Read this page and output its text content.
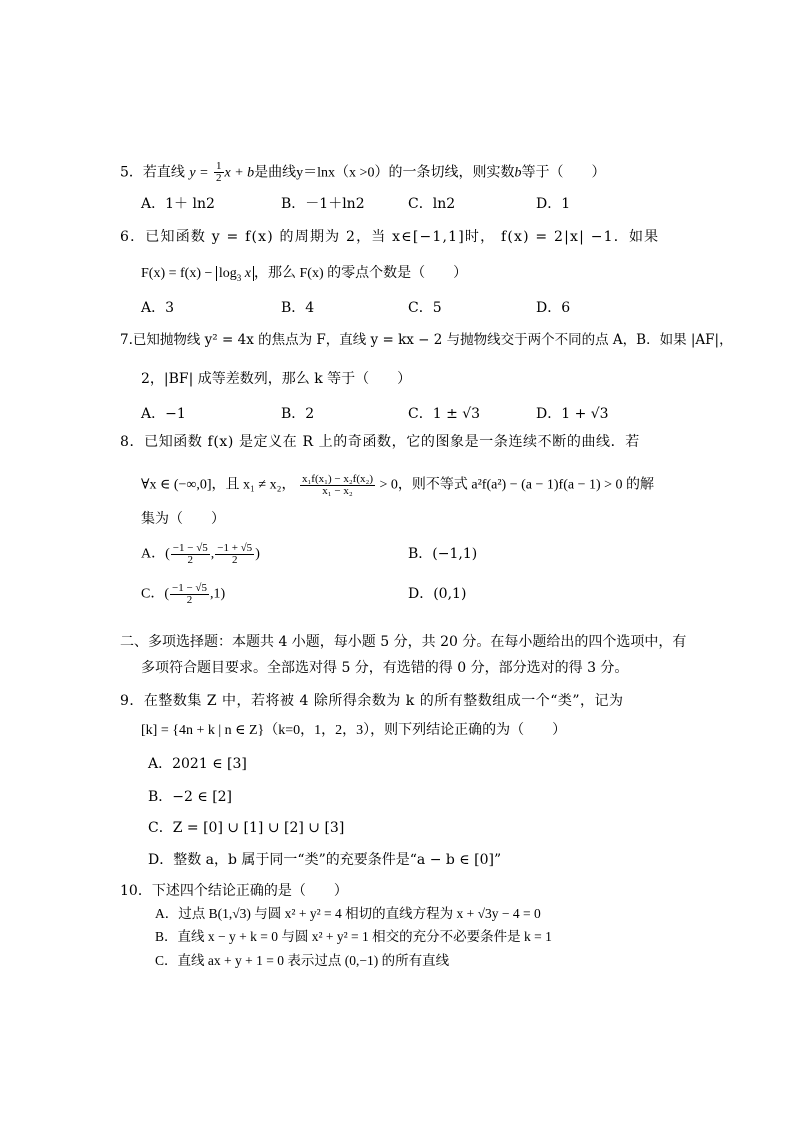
5．若直线 $y = \frac{1}{2}$ x + b是曲线y＝lnx（x >0）的一条切线，则实数b等于（　　）
A．1＋ ln2	B．－1＋ln2	C．ln2	D．1
6．已知函数 y = f(x) 的周期为 2，当 x∈[−1,1]时， f(x) = 2|x| −1．如果
$F(x) = f(x) - \log_3 x$ ，那么 F(x) 的零点个数是（　　）
A．3	B．4	C．5	D．6
7.已知抛物线 y² = 4x 的焦点为 F，直线 y = kx − 2 与抛物线交于两个不同的点 A，B．如果 |AF|，
2，|BF| 成等差数列，那么 k 等于（　　）
A．−1	B．2	C．1 ± √3	D．1 + √3
8．已知函数 f(x) 是定义在 R 上的奇函数，它的图象是一条连续不断的曲线．若
∀x ∈ (−∞,0]，且 x₁ ≠ x₂， $\frac{\text{x₁f(x₁) − x₂f(x₂)}}{\text{x₁ − x₂}} > 0$，则不等式 a²f(a²) − (a − 1)f(a − 1) > 0 的解
集为（　　）
A．( $\frac{-1 - √5}{2}$ , $\frac{-1 + √5}{2}$ )	B．(−1,1)
C．( $\frac{-1 - √5}{2} ,1$)	D．(0,1)
二、多项选择题：本题共 4 小题，每小题 5 分，共 20 分。在每小题给出的四个选项中，有
多项符合题目要求。全部选对得 5 分，有选错的得 0 分，部分选对的得 3 分。
9．在整数集 Z 中，若将被 4 除所得余数为 k 的所有整数组成一个“类”，记为
[k] = {4n + k | n ∈ Z}（k=0，1，2，3），则下列结论正确的为（　　）
A．2021 ∈ [3]
B．−2 ∈ [2]
C．Z = [0] ∪ [1] ∪ [2] ∪ [3]
D．整数 a，b 属于同一“类”的充要条件是“a − b ∈ [0]”
10．下述四个结论正确的是（　　）
A．过点 B(1,√3) 与圆 x² + y² = 4 相切的直线方程为 x + √3y − 4 = 0
B．直线 x − y + k = 0 与圆 x² + y² = 1 相交的充分不必要条件是 k = 1
C．直线 ax + y + 1 = 0 表示过点 (0,−1) 的所有直线
